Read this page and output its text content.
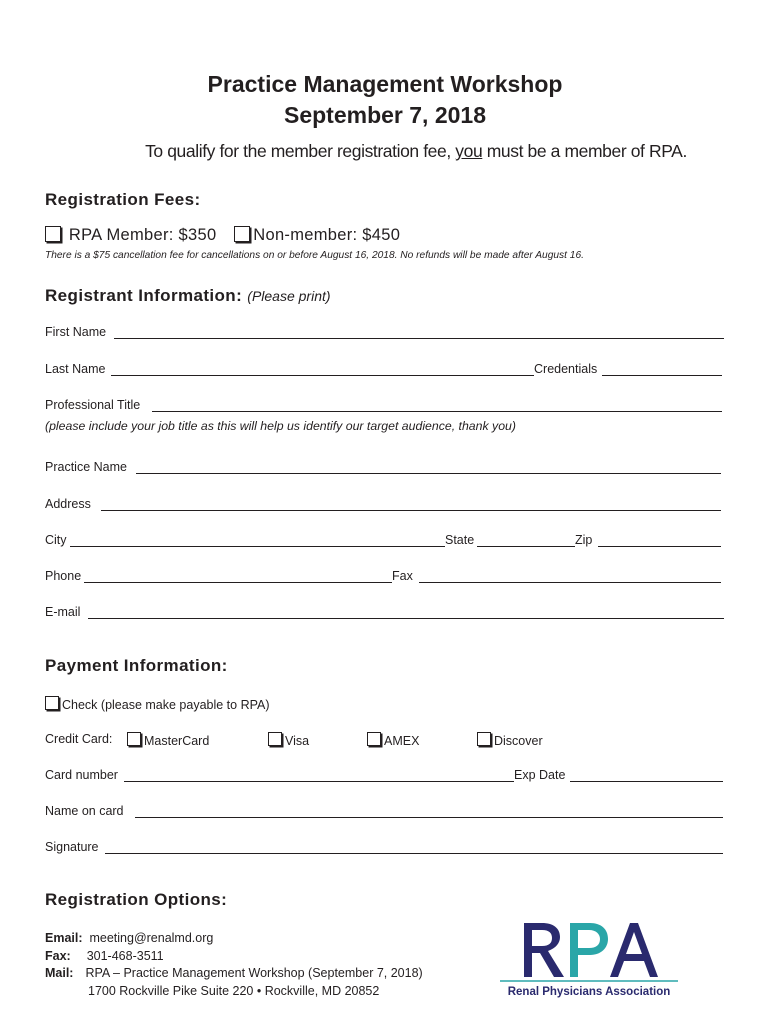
Practice Management Workshop
September 7, 2018
To qualify for the member registration fee, you must be a member of RPA.
Registration Fees:
RPA Member: $350 Non-member: $450
There is a $75 cancellation fee for cancellations on or before August 16, 2018. No refunds will be made after August 16.
Registrant Information: (Please print)
First Name
Last Name	Credentials
Professional Title
(please include your job title as this will help us identify our target audience, thank you)
Practice Name
Address
City	State	Zip
Phone	Fax
E-mail
Payment Information:
Check (please make payable to RPA)
Credit Card:	MasterCard	Visa	AMEX	Discover
Card number	Exp Date
Name on card
Signature
Registration Options:
Email: meeting@renalmd.org
Fax: 301-468-3511
Mail: RPA – Practice Management Workshop (September 7, 2018)
1700 Rockville Pike Suite 220 • Rockville, MD 20852	Renal Physicians Association
